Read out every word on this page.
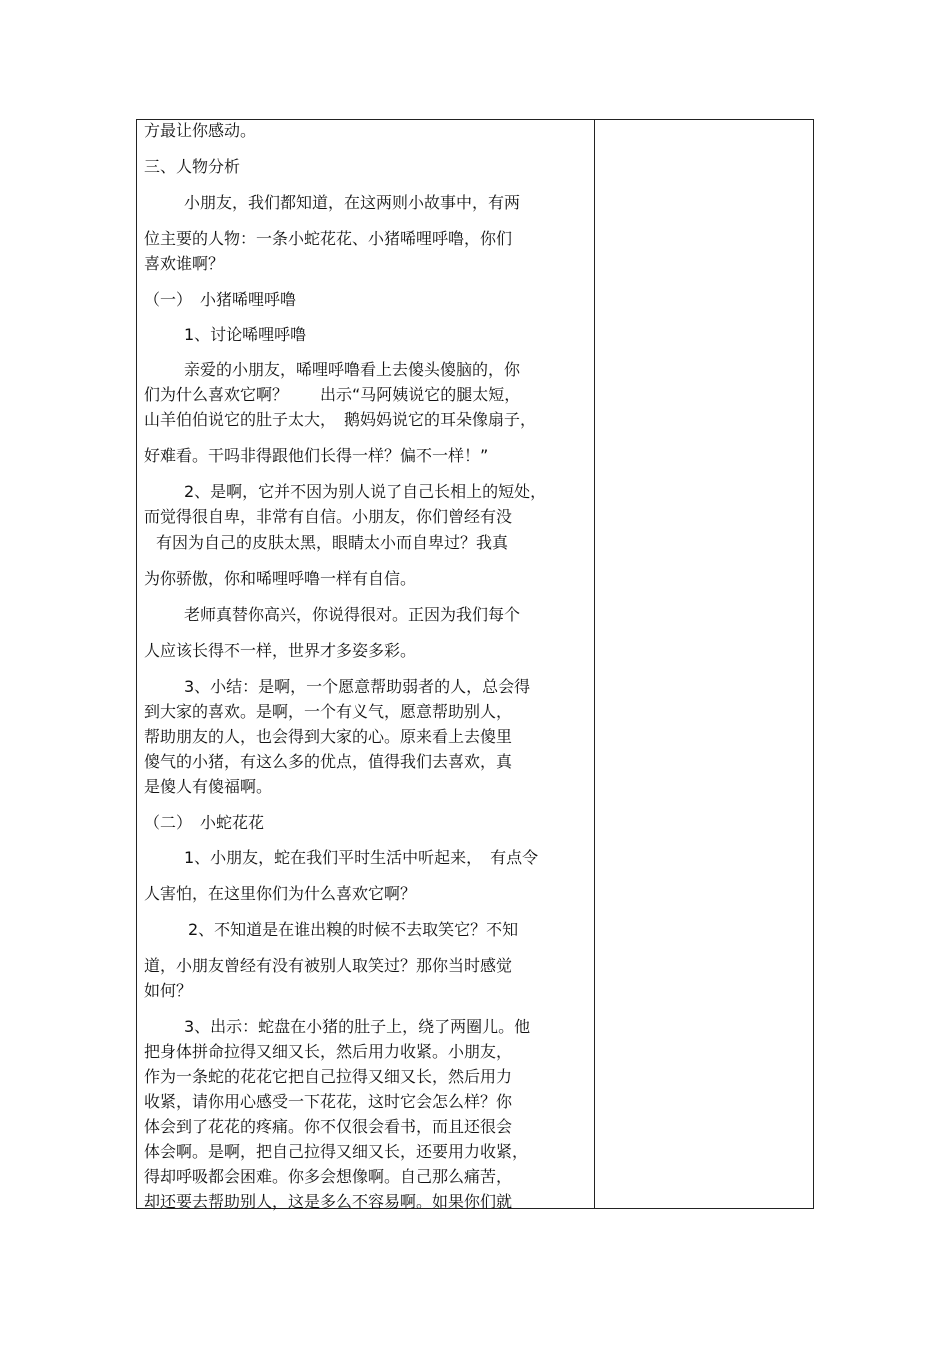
方最让你感动。
三、人物分析
小朋友，我们都知道，在这两则小故事中，有两
位主要的人物：一条小蛇花花、小猪唏哩呼噜，你们
喜欢谁啊？
（一）　小猪唏哩呼噜
1、讨论唏哩呼噜
亲爱的小朋友，唏哩呼噜看上去傻头傻脑的，你
们为什么喜欢它啊？　　出示“马阿姨说它的腿太短，
山羊伯伯说它的肚子太大，　鹅妈妈说它的耳朵像扇子，
好难看。干吗非得跟他们长得一样？偏不一样！”
2、是啊，它并不因为别人说了自己长相上的短处，
而觉得很自卑，非常有自信。小朋友，你们曾经有没
有因为自己的皮肤太黑，眼睛太小而自卑过？我真
为你骄傲，你和唏哩呼噜一样有自信。
老师真替你高兴，你说得很对。正因为我们每个
人应该长得不一样，世界才多姿多彩。
3、小结：是啊，一个愿意帮助弱者的人，总会得
到大家的喜欢。是啊，一个有义气，愿意帮助别人，
帮助朋友的人，也会得到大家的心。原来看上去傻里
傻气的小猪，有这么多的优点，值得我们去喜欢，真
是傻人有傻福啊。
（二）　小蛇花花
1、小朋友，蛇在我们平时生活中听起来，　有点令
人害怕，在这里你们为什么喜欢它啊？
2、不知道是在谁出糗的时候不去取笑它？不知
道，小朋友曾经有没有被别人取笑过？那你当时感觉
如何？
3、出示：蛇盘在小猪的肚子上，绕了两圈儿。他
把身体拼命拉得又细又长，然后用力收紧。小朋友，
作为一条蛇的花花它把自己拉得又细又长，然后用力
收紧，请你用心感受一下花花，这时它会怎么样？你
体会到了花花的疼痛。你不仅很会看书，而且还很会
体会啊。是啊，把自己拉得又细又长，还要用力收紧，
得却呼吸都会困难。你多会想像啊。自己那么痛苦，
却还要去帮助别人，这是多么不容易啊。如果你们就
